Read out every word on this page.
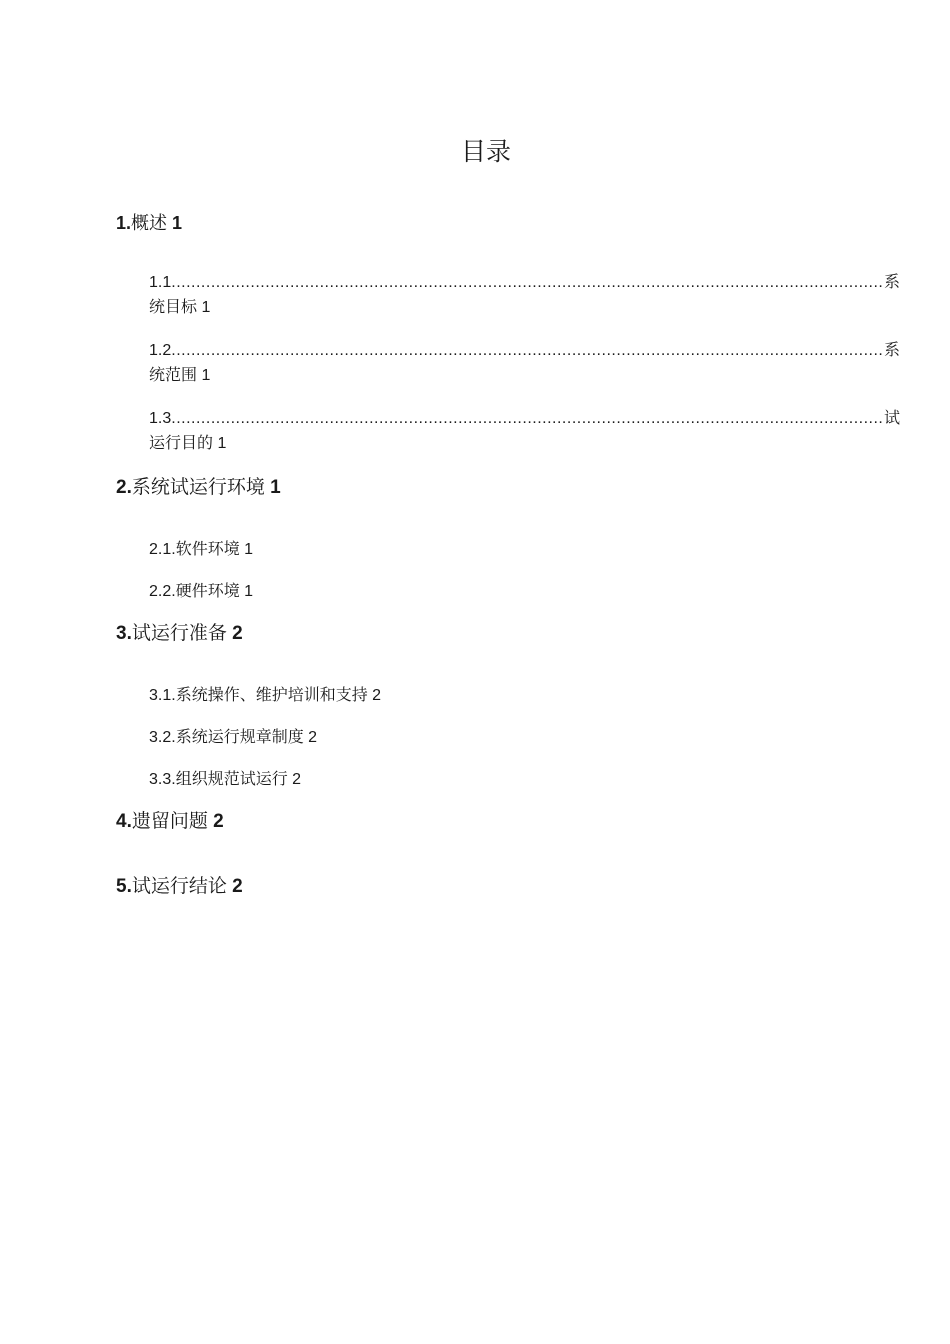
目录
1.概述 1
1.1 .....	系
统目标 1
1.2 .....	系
统范围 1
1.3 .....	试
运行目的 1
2.系统试运行环境 1
2.1.软件环境 1
2.2.硬件环境 1
3.试运行准备 2
3.1.系统操作、维护培训和支持 2
3.2.系统运行规章制度 2
3.3.组织规范试运行 2
4.遗留问题 2
5.试运行结论 2
